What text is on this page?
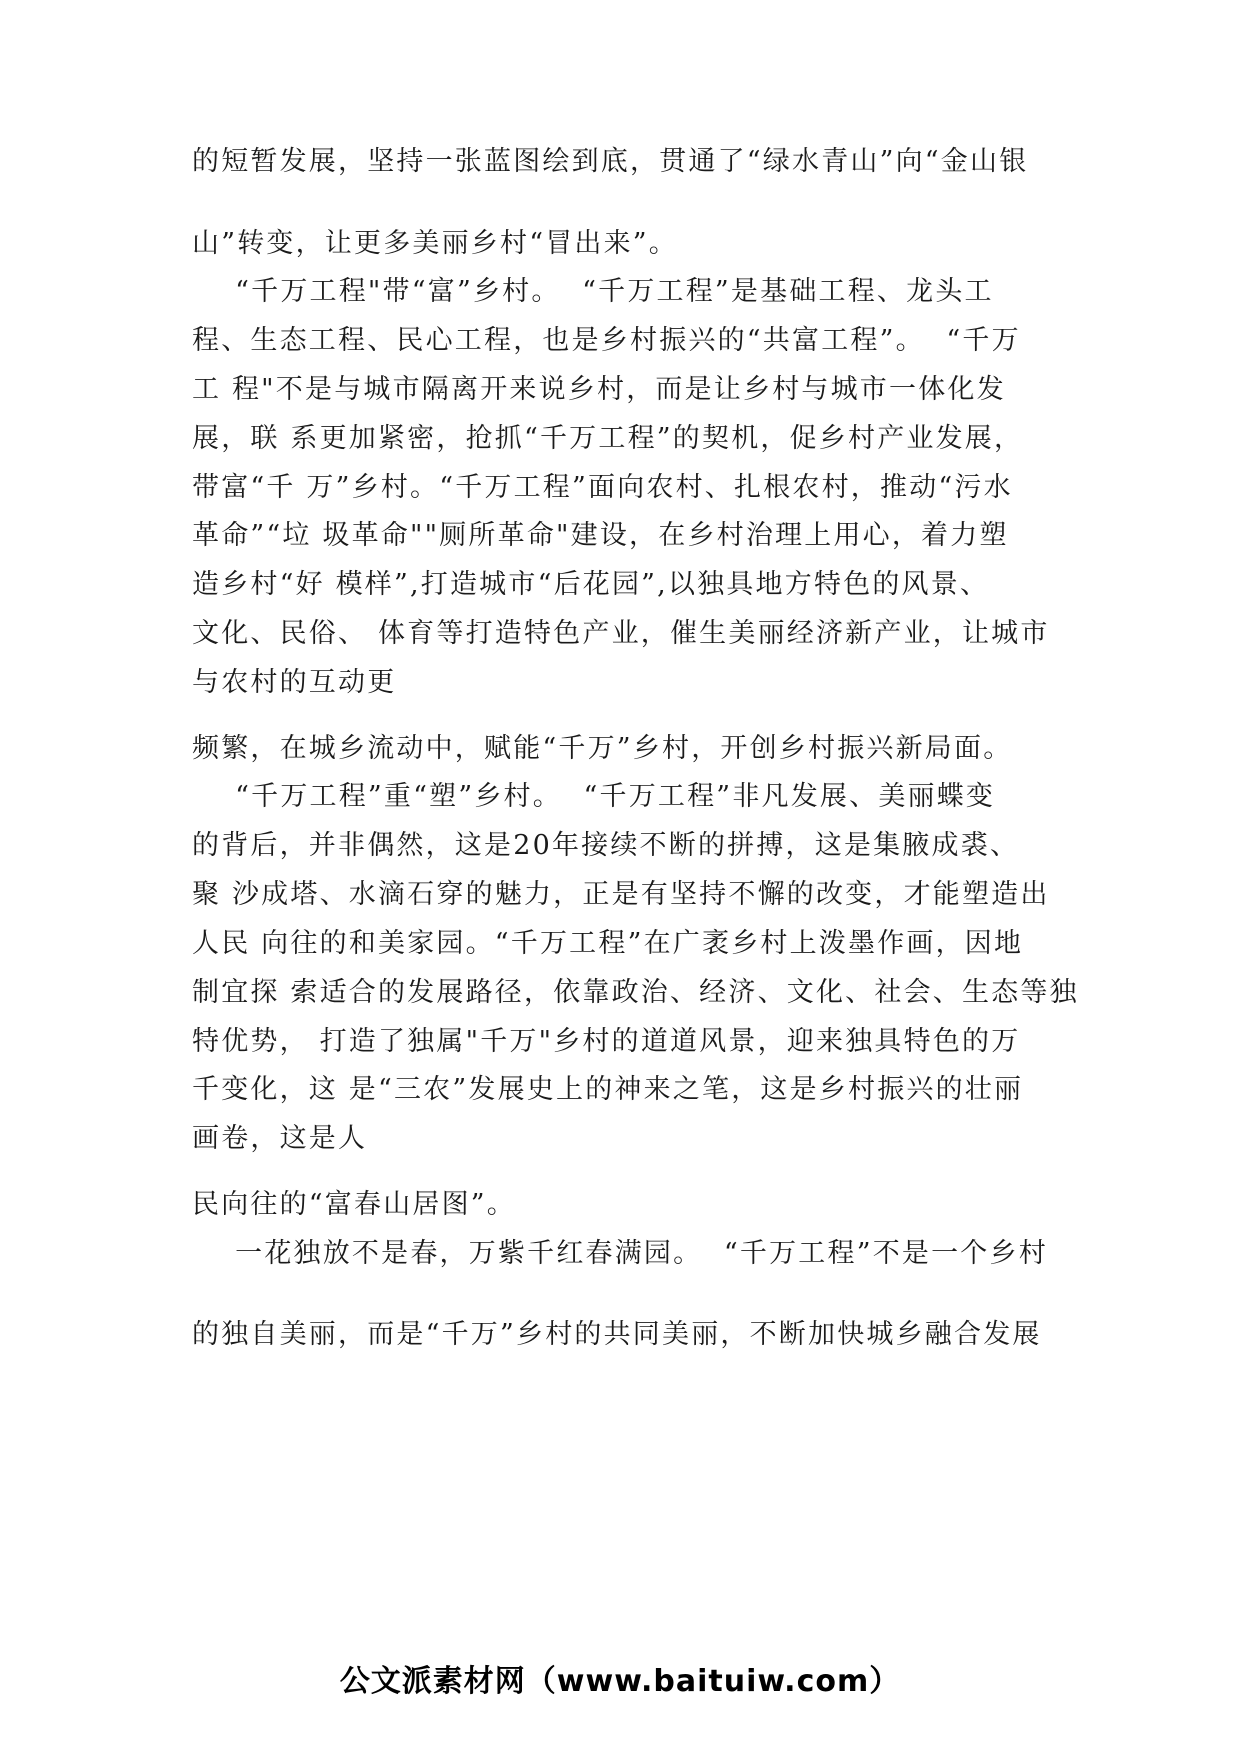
的短暂发展，坚持一张蓝图绘到底，贯通了“绿水青山”向“金山银

山”转变，让更多美丽乡村“冒出来”。

“千万工程"带“富”乡村。  “千万工程”是基础工程、龙头工

程、生态工程、民心工程，也是乡村振兴的“共富工程”。  “千万

工 程"不是与城市隔离开来说乡村，而是让乡村与城市一体化发

展，联 系更加紧密，抢抓“千万工程”的契机，促乡村产业发展，

带富“千 万”乡村。“千万工程”面向农村、扎根农村，推动“污水

革命”“垃 圾革命""厕所革命"建设，在乡村治理上用心，着力塑

造乡村“好 模样”,打造城市“后花园”,以独具地方特色的风景、

文化、民俗、 体育等打造特色产业，催生美丽经济新产业，让城市

与农村的互动更

频繁，在城乡流动中，赋能“千万”乡村，开创乡村振兴新局面。

“千万工程”重“塑”乡村。  “千万工程”非凡发展、美丽蝶变

的背后，并非偶然，这是20年接续不断的拼搏，这是集腋成裘、

聚 沙成塔、水滴石穿的魅力，正是有坚持不懈的改变，才能塑造出

人民 向往的和美家园。“千万工程”在广袤乡村上泼墨作画，因地

制宜探 索适合的发展路径，依靠政治、经济、文化、社会、生态等独

特优势， 打造了独属"千万"乡村的道道风景，迎来独具特色的万

千变化，这 是“三农”发展史上的神来之笔，这是乡村振兴的壮丽

画卷，这是人

民向往的“富春山居图”。

一花独放不是春，万紫千红春满园。  “千万工程”不是一个乡村

的独自美丽，而是“千万”乡村的共同美丽，不断加快城乡融合发展

公文派素材网（www.baituiw.com）
